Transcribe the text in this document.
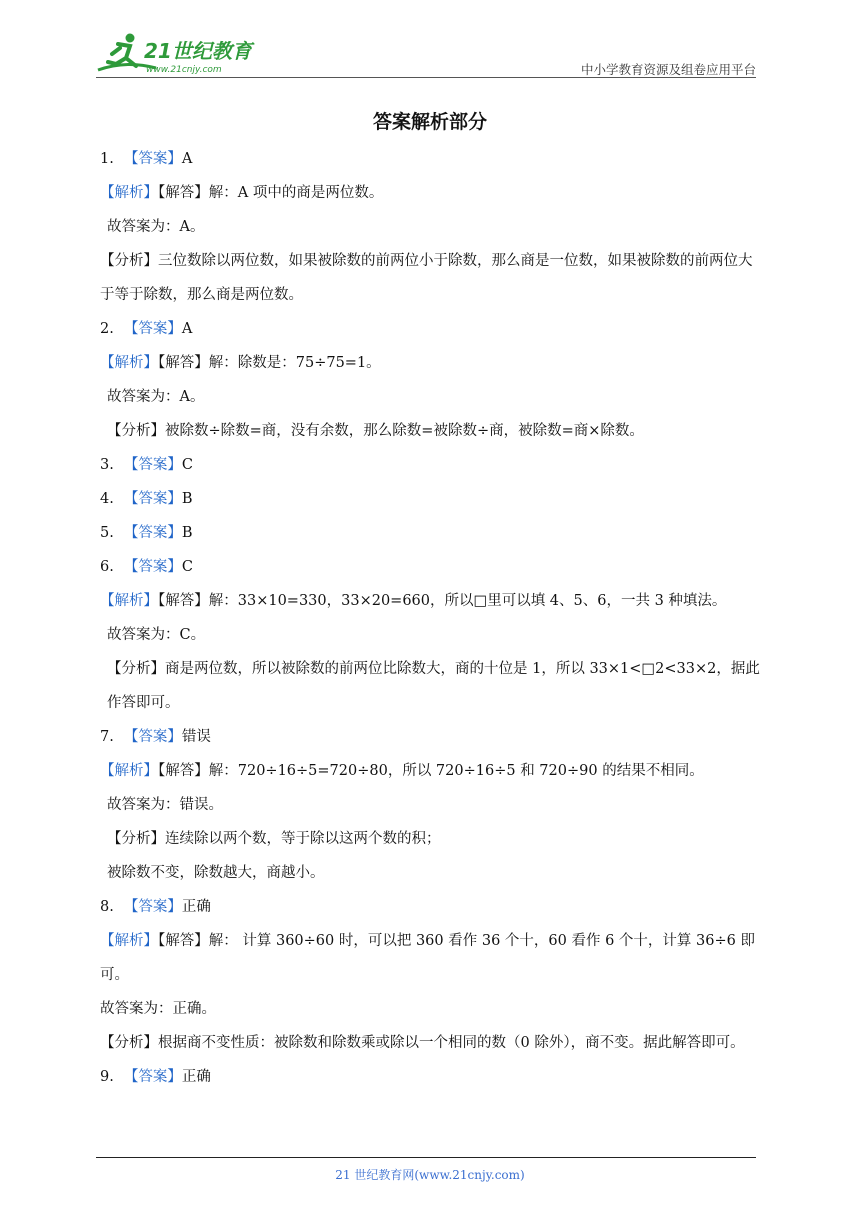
21世纪教育
www.21cnjy.com	中小学教育资源及组卷应用平台
答案解析部分
1. 【答案】A
【解析】【解答】解：A 项中的商是两位数。
故答案为：A。
【分析】三位数除以两位数，如果被除数的前两位小于除数，那么商是一位数，如果被除数的前两位大于等于除数，那么商是两位数。
2. 【答案】A
【解析】【解答】解：除数是：75÷75=1。
故答案为：A。
【分析】被除数÷除数=商，没有余数，那么除数=被除数÷商，被除数=商×除数。
3. 【答案】C
4. 【答案】B
5. 【答案】B
6. 【答案】C
【解析】【解答】解：33×10=330，33×20=660，所以□里可以填 4、5、6，一共 3 种填法。
故答案为：C。
【分析】商是两位数，所以被除数的前两位比除数大，商的十位是 1，所以 33×1<□2<33×2，据此作答即可。
7. 【答案】错误
【解析】【解答】解：720÷16÷5=720÷80，所以 720÷16÷5 和 720÷90 的结果不相同。
故答案为：错误。
【分析】连续除以两个数，等于除以这两个数的积；
被除数不变，除数越大，商越小。
8. 【答案】正确
【解析】【解答】解： 计算 360÷60 时，可以把 360 看作 36 个十，60 看作 6 个十，计算 36÷6 即可。
故答案为：正确。
【分析】根据商不变性质：被除数和除数乘或除以一个相同的数（0 除外），商不变。据此解答即可。
9. 【答案】正确
21 世纪教育网(www.21cnjy.com)
